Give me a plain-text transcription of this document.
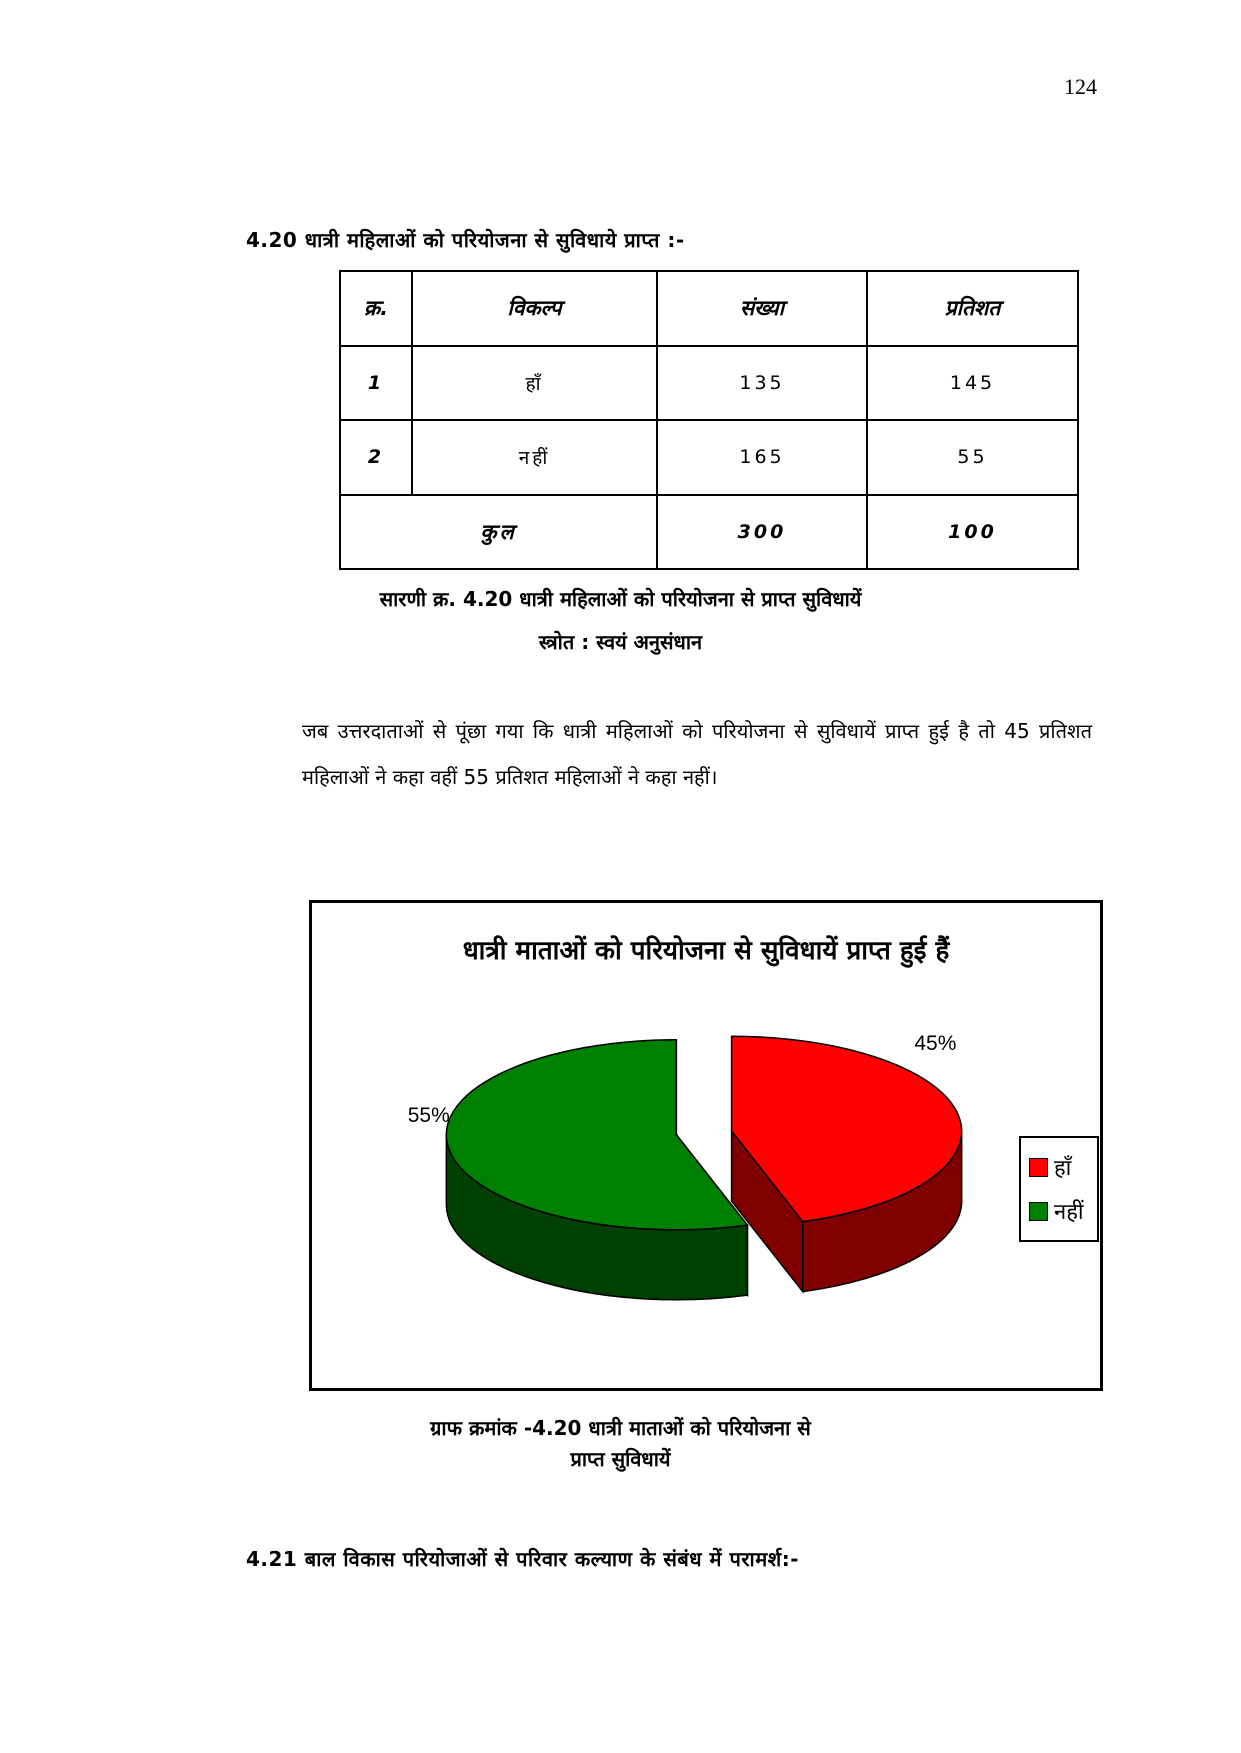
124
4.20 धात्री महिलाओं को परियोजना से सुविधाये प्राप्त :-
क्र.	विकल्प	संख्या	प्रतिशत
1	हाँ	135	145
2	नहीं	165	55
कुल		300	100
सारणी क्र. 4.20 धात्री महिलाओं को परियोजना से प्राप्त सुविधायें
स्त्रोत : स्वयं अनुसंधान
जब उत्तरदाताओं से पूंछा गया कि धात्री महिलाओं को परियोजना से सुविधायें प्राप्त हुई है तो 45 प्रतिशत महिलाओं ने कहा वहीं 55 प्रतिशत महिलाओं ने कहा नहीं।
धात्री माताओं को परियोजना से सुविधायें प्राप्त हुई हैं
45%
55%
हाँ
नहीं
ग्राफ क्रमांक -4.20 धात्री माताओं को परियोजना से
प्राप्त सुविधायें
4.21 बाल विकास परियोजाओं से परिवार कल्याण के संबंध में परामर्श:-
